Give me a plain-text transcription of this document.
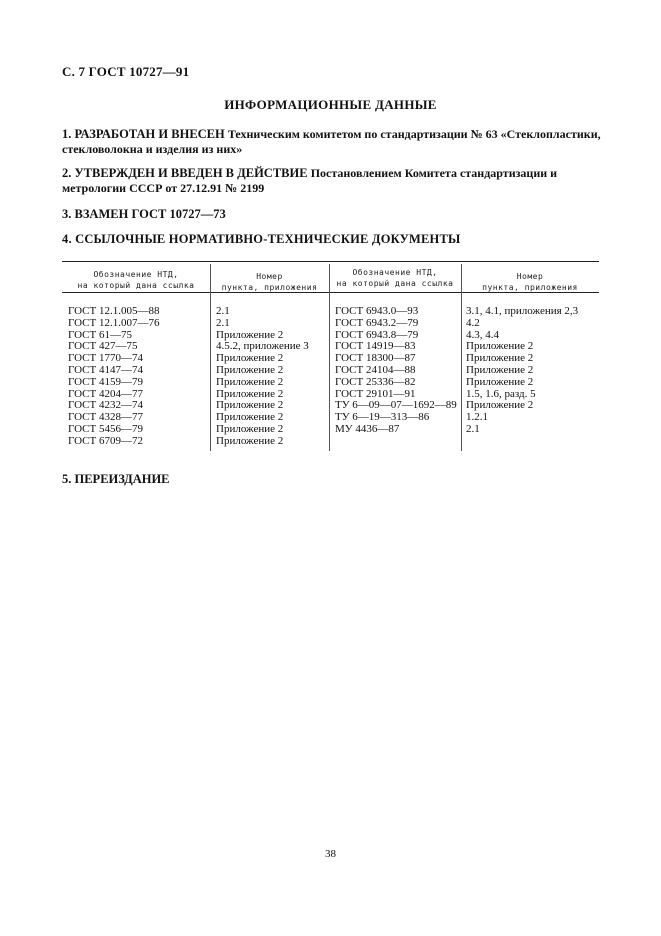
С. 7 ГОСТ 10727—91
ИНФОРМАЦИОННЫЕ ДАННЫЕ
1. РАЗРАБОТАН И ВНЕСЕН Техническим комитетом по стандартизации № 63 «Стеклопластики, стекловолокна и изделия из них»
2. УТВЕРЖДЕН И ВВЕДЕН В ДЕЙСТВИЕ Постановлением Комитета стандартизации и метрологии СССР от 27.12.91 № 2199
3. ВЗАМЕН ГОСТ 10727—73
4. ССЫЛОЧНЫЕ НОРМАТИВНО-ТЕХНИЧЕСКИЕ ДОКУМЕНТЫ
Обозначение НТД,
на который дана ссылка
Номер
пункта, приложения
Обозначение НТД,
на который дана ссылка
Номер
пункта, приложения
ГОСТ 12.1.005—88
ГОСТ 12.1.007—76
ГОСТ 61—75
ГОСТ 427—75
ГОСТ 1770—74
ГОСТ 4147—74
ГОСТ 4159—79
ГОСТ 4204—77
ГОСТ 4232—74
ГОСТ 4328—77
ГОСТ 5456—79
ГОСТ 6709—72
2.1
2.1
Приложение 2
4.5.2, приложение 3
Приложение 2
Приложение 2
Приложение 2
Приложение 2
Приложение 2
Приложение 2
Приложение 2
Приложение 2
ГОСТ 6943.0—93
ГОСТ 6943.2—79
ГОСТ 6943.8—79
ГОСТ 14919—83
ГОСТ 18300—87
ГОСТ 24104—88
ГОСТ 25336—82
ГОСТ 29101—91
ТУ 6—09—07—1692—89
ТУ 6—19—313—86
МУ 4436—87
3.1, 4.1, приложения 2,3
4.2
4.3, 4.4
Приложение 2
Приложение 2
Приложение 2
Приложение 2
1.5, 1.6, разд. 5
Приложение 2
1.2.1
2.1
5. ПЕРЕИЗДАНИЕ
38
